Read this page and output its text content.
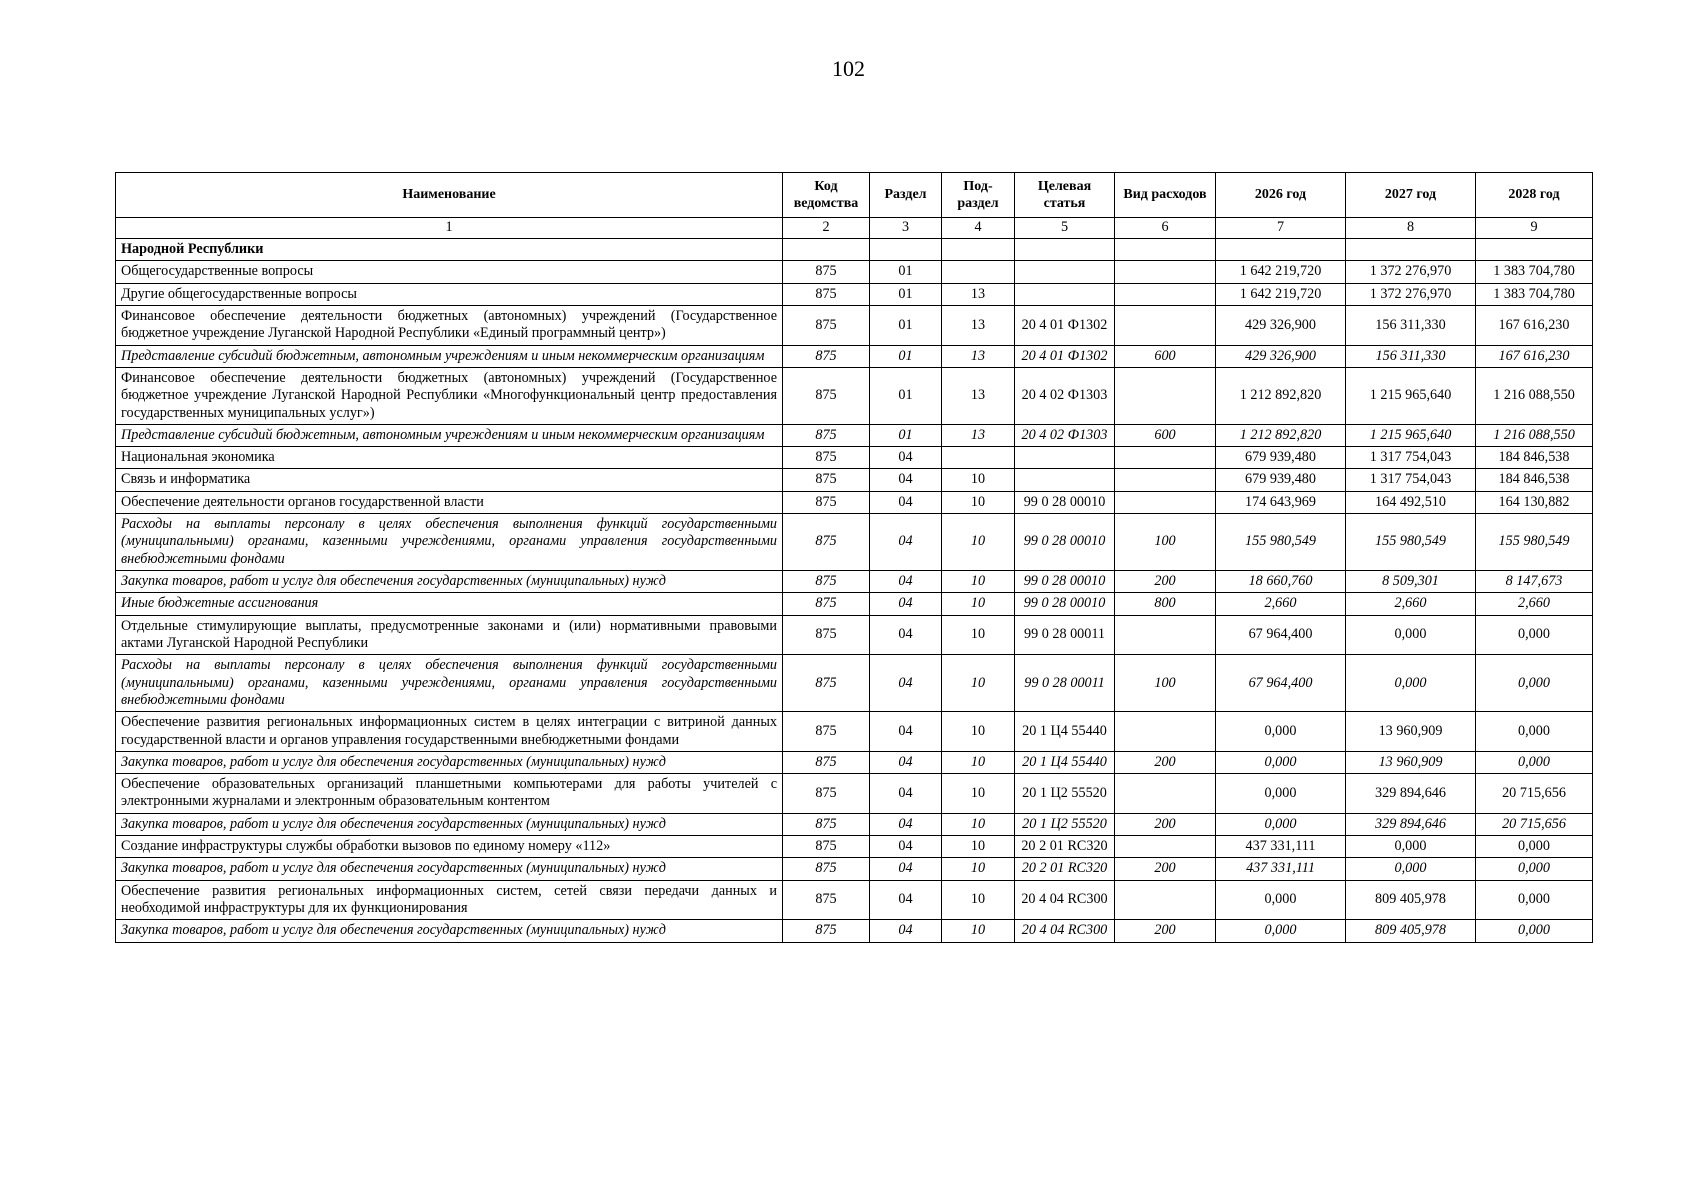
102
Наименование	Код ведомства	Раздел	Под-раздел	Целевая статья	Вид расходов	2026 год	2027 год	2028 год
1	2	3	4	5	6	7	8	9
Народной Республики								
Общегосударственные вопросы	875	01				1 642 219,720	1 372 276,970	1 383 704,780
Другие общегосударственные вопросы	875	01	13			1 642 219,720	1 372 276,970	1 383 704,780
Финансовое обеспечение деятельности бюджетных (автономных) учреждений (Государственное бюджетное учреждение Луганской Народной Республики «Единый программный центр»)	875	01	13	20 4 01 Ф1302		429 326,900	156 311,330	167 616,230
Представление субсидий бюджетным, автономным учреждениям и иным некоммерческим организациям	875	01	13	20 4 01 Ф1302	600	429 326,900	156 311,330	167 616,230
Финансовое обеспечение деятельности бюджетных (автономных) учреждений (Государственное бюджетное учреждение Луганской Народной Республики «Многофункциональный центр предоставления государственных муниципальных услуг»)	875	01	13	20 4 02 Ф1303		1 212 892,820	1 215 965,640	1 216 088,550
Представление субсидий бюджетным, автономным учреждениям и иным некоммерческим организациям	875	01	13	20 4 02 Ф1303	600	1 212 892,820	1 215 965,640	1 216 088,550
Национальная экономика	875	04				679 939,480	1 317 754,043	184 846,538
Связь и информатика	875	04	10			679 939,480	1 317 754,043	184 846,538
Обеспечение деятельности органов государственной власти	875	04	10	99 0 28 00010		174 643,969	164 492,510	164 130,882
Расходы на выплаты персоналу в целях обеспечения выполнения функций государственными (муниципальными) органами, казенными учреждениями, органами управления государственными внебюджетными фондами	875	04	10	99 0 28 00010	100	155 980,549	155 980,549	155 980,549
Закупка товаров, работ и услуг для обеспечения государственных (муниципальных) нужд	875	04	10	99 0 28 00010	200	18 660,760	8 509,301	8 147,673
Иные бюджетные ассигнования	875	04	10	99 0 28 00010	800	2,660	2,660	2,660
Отдельные стимулирующие выплаты, предусмотренные законами и (или) нормативными правовыми актами Луганской Народной Республики	875	04	10	99 0 28 00011		67 964,400	0,000	0,000
Расходы на выплаты персоналу в целях обеспечения выполнения функций государственными (муниципальными) органами, казенными учреждениями, органами управления государственными внебюджетными фондами	875	04	10	99 0 28 00011	100	67 964,400	0,000	0,000
Обеспечение развития региональных информационных систем в целях интеграции с витриной данных государственной власти и органов управления государственными внебюджетными фондами	875	04	10	20 1 Ц4 55440		0,000	13 960,909	0,000
Закупка товаров, работ и услуг для обеспечения государственных (муниципальных) нужд	875	04	10	20 1 Ц4 55440	200	0,000	13 960,909	0,000
Обеспечение образовательных организаций планшетными компьютерами для работы учителей с электронными журналами и электронным образовательным контентом	875	04	10	20 1 Ц2 55520		0,000	329 894,646	20 715,656
Закупка товаров, работ и услуг для обеспечения государственных (муниципальных) нужд	875	04	10	20 1 Ц2 55520	200	0,000	329 894,646	20 715,656
Создание инфраструктуры службы обработки вызовов по единому номеру «112»	875	04	10	20 2 01 RC320		437 331,111	0,000	0,000
Закупка товаров, работ и услуг для обеспечения государственных (муниципальных) нужд	875	04	10	20 2 01 RC320	200	437 331,111	0,000	0,000
Обеспечение развития региональных информационных систем, сетей связи передачи данных и необходимой инфраструктуры для их функционирования	875	04	10	20 4 04 RC300		0,000	809 405,978	0,000
Закупка товаров, работ и услуг для обеспечения государственных (муниципальных) нужд	875	04	10	20 4 04 RC300	200	0,000	809 405,978	0,000
